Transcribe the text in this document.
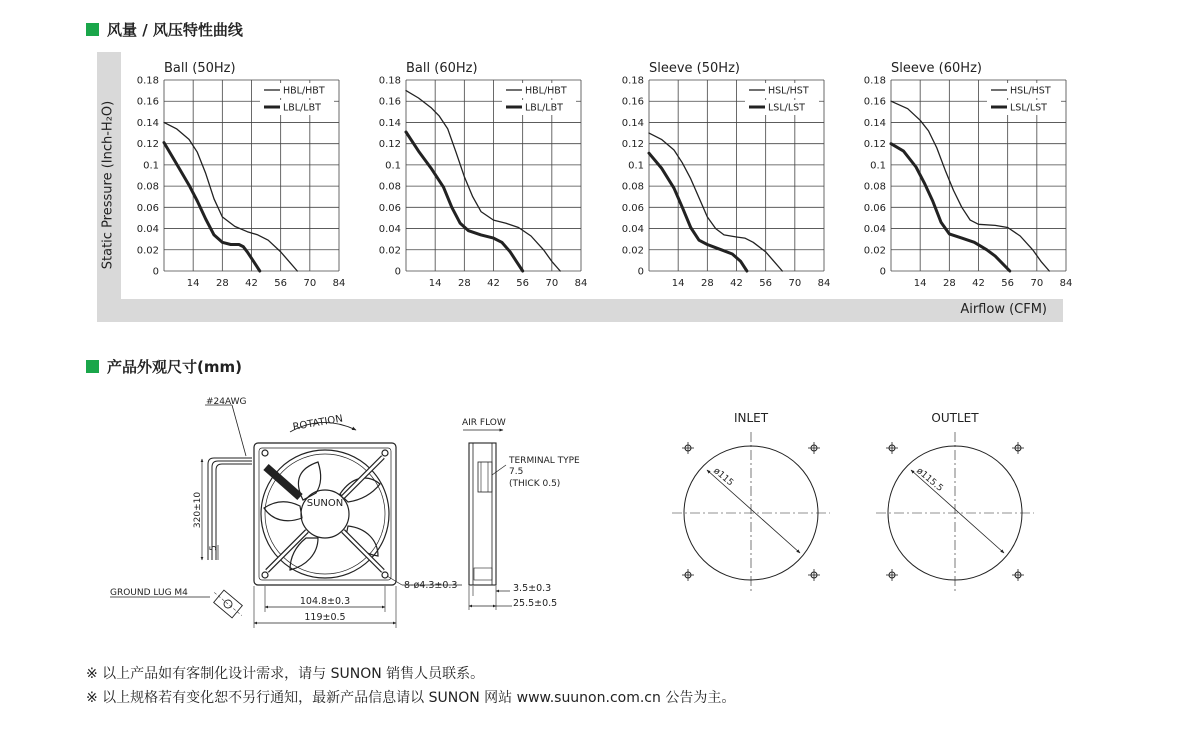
风量 / 风压特性曲线
Static Pressure (Inch-H₂O)
Airflow (CFM)
0
0.02
0.04
0.06
0.08
0.1
0.12
0.14
0.16
0.18
14 28 42 56 70 84
Ball (50Hz)
HBL/HBT
LBL/LBT
0
0.02
0.04
0.06
0.08
0.1
0.12
0.14
0.16
0.18
14 28 42 56 70 84
Ball (60Hz)
HBL/HBT
LBL/LBT
0
0.02
0.04
0.06
0.08
0.1
0.12
0.14
0.16
0.18
14 28 42 56 70 84
Sleeve (50Hz)
HSL/HST
LSL/LST
0
0.02
0.04
0.06
0.08
0.1
0.12
0.14
0.16
0.18
14 28 42 56 70 84
Sleeve (60Hz)
HSL/HST
LSL/LST
产品外观尺寸(mm)
#24AWG
ROTATION
SUNON
320±10
5
GROUND LUG M4
104.8±0.3
119±0.5
8-ø4.3±0.3
AIR FLOW
TERMINAL TYPE
7.5
(THICK 0.5)
3.5±0.3
25.5±0.5
INLET
ø115
OUTLET
ø115.5
※ 以上产品如有客制化设计需求，请与 SUNON 销售人员联系。
※ 以上规格若有变化恕不另行通知，最新产品信息请以 SUNON 网站 www.suunon.com.cn 公告为主。
